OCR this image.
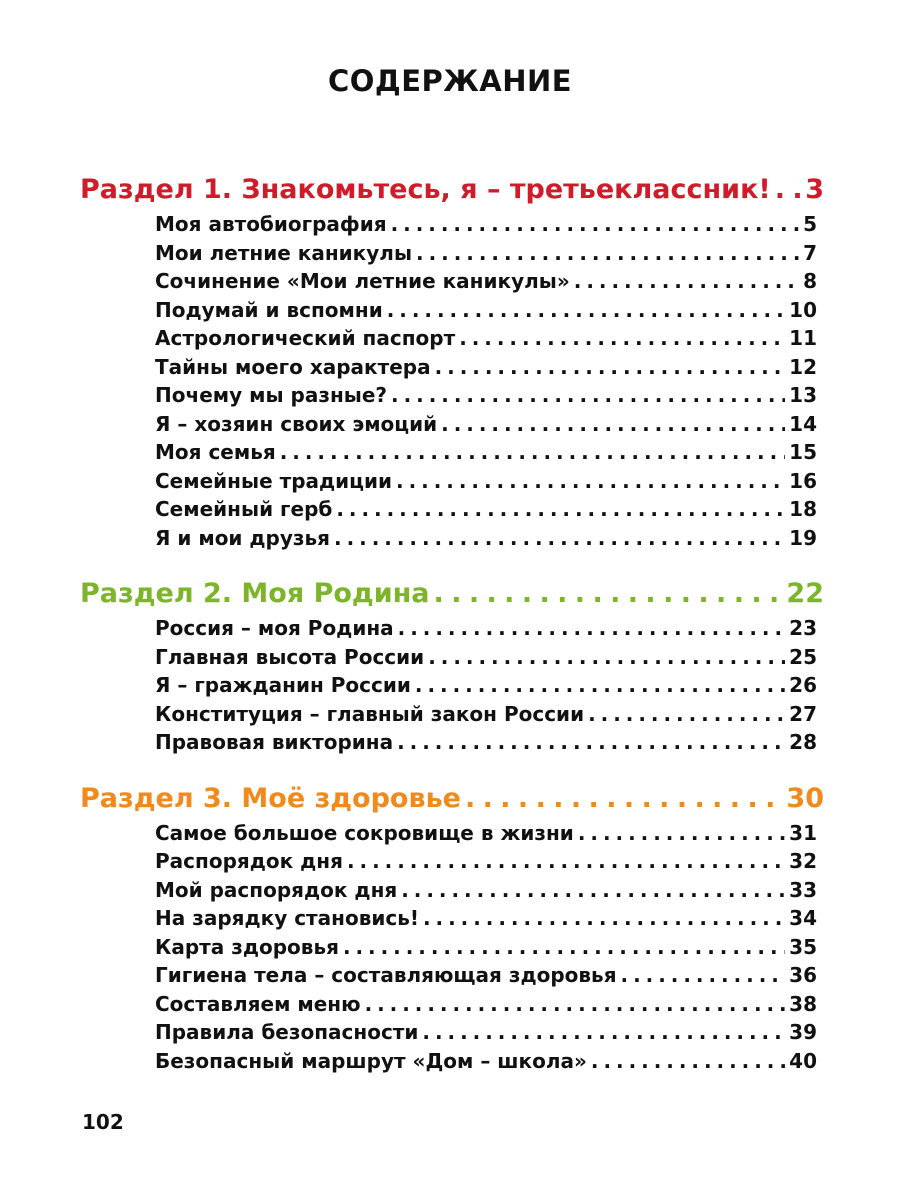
СОДЕРЖАНИЕ
Раздел 1. Знакомьтесь, я – третьеклассник! . . . 3
Моя автобиография . . .	5
Мои летние каникулы . . .	7
Сочинение «Мои летние каникулы» . . .	8
Подумай и вспомни . . .	10
Астрологический паспорт . . .	11
Тайны моего характера . . .	12
Почему мы разные? . . .	13
Я – хозяин своих эмоций . . .	14
Моя семья . . .	15
Семейные традиции . . .	16
Семейный герб . . .	18
Я и мои друзья . . .	19
Раздел 2. Моя Родина . . .	22
Россия – моя Родина . . .	23
Главная высота России . . .	25
Я – гражданин России . . .	26
Конституция – главный закон России . . .	27
Правовая викторина . . .	28
Раздел 3. Моё здоровье . . .	30
Самое большое сокровище в жизни . . .	31
Распорядок дня . . .	32
Мой распорядок дня . . .	33
На зарядку становись! . . .	34
Карта здоровья . . .	35
Гигиена тела – составляющая здоровья . . .	36
Составляем меню . . .	38
Правила безопасности . . .	39
Безопасный маршрут «Дом – школа» . . .	40

102
